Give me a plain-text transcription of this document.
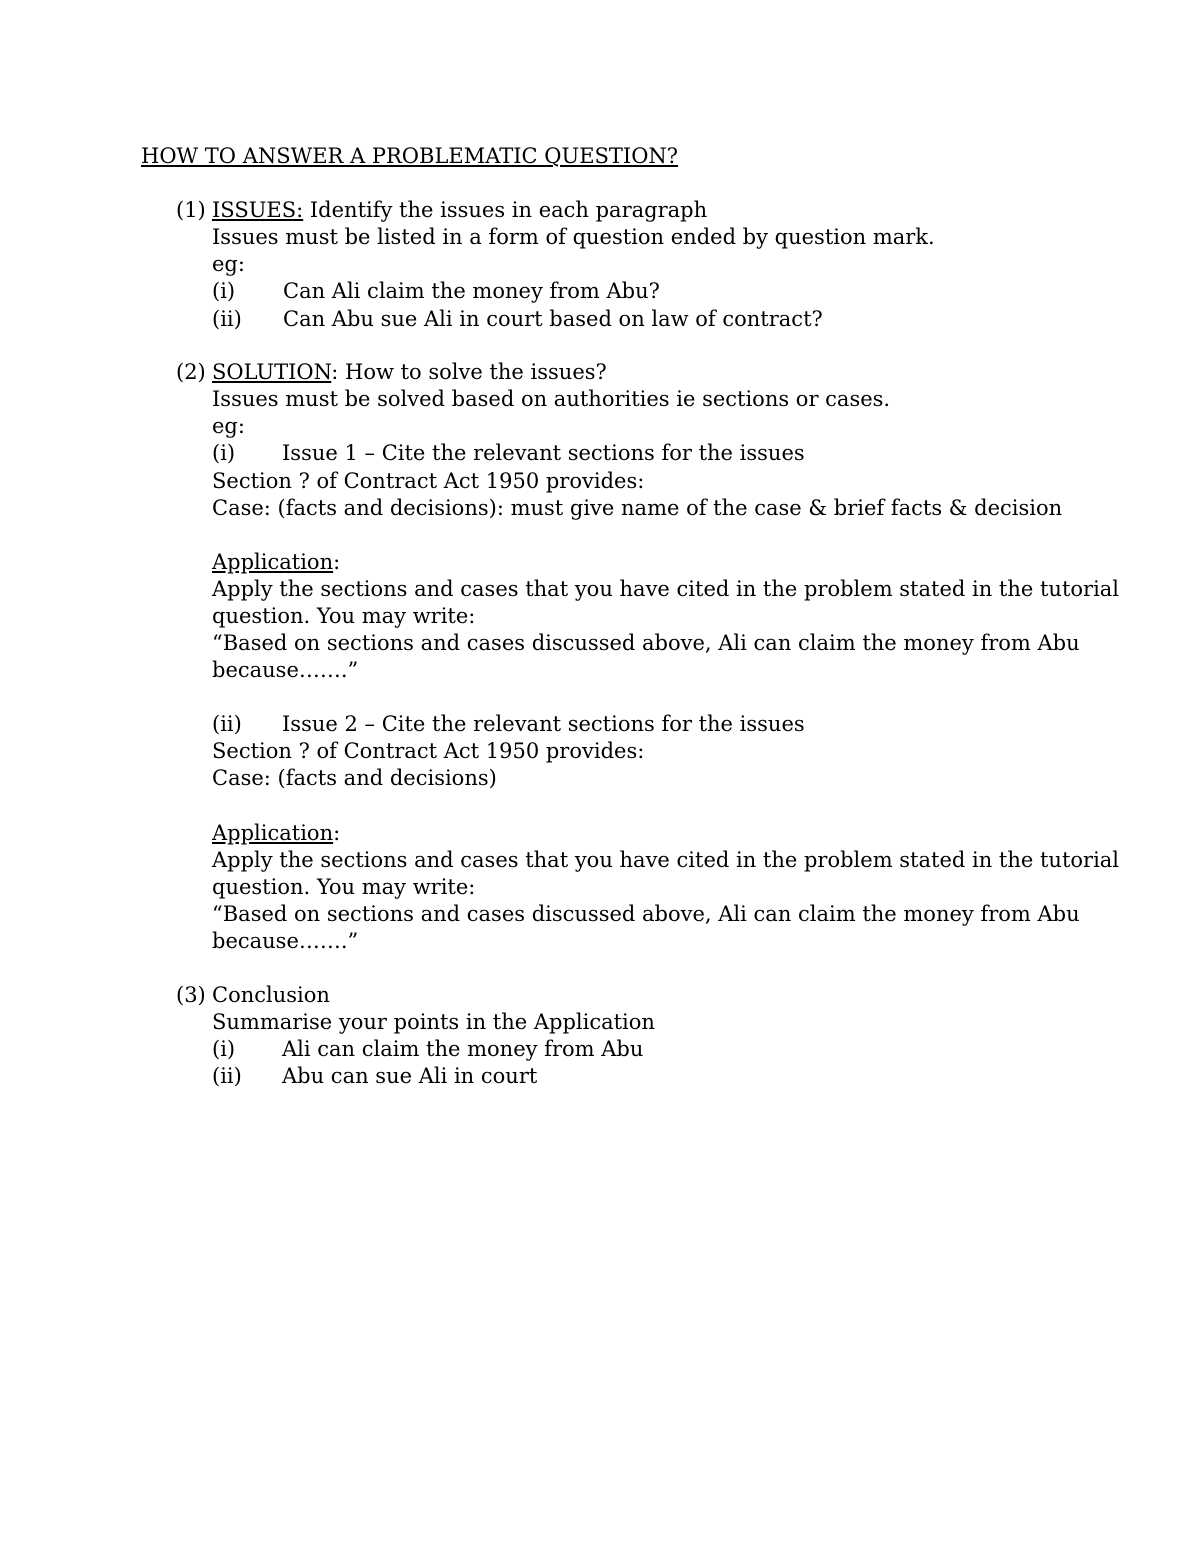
HOW TO ANSWER A PROBLEMATIC QUESTION?
(1) ISSUES: Identify the issues in each paragraph
Issues must be listed in a form of question ended by question mark.
eg:
(i) Can Ali claim the money from Abu?
(ii) Can Abu sue Ali in court based on law of contract?
(2) SOLUTION: How to solve the issues?
Issues must be solved based on authorities ie sections or cases.
eg:
(i) Issue 1 – Cite the relevant sections for the issues
Section ? of Contract Act 1950 provides:
Case: (facts and decisions): must give name of the case & brief facts & decision
Application:
Apply the sections and cases that you have cited in the problem stated in the tutorial
question. You may write:
“Based on sections and cases discussed above, Ali can claim the money from Abu
because…….”
(ii) Issue 2 – Cite the relevant sections for the issues
Section ? of Contract Act 1950 provides:
Case: (facts and decisions)
Application:
Apply the sections and cases that you have cited in the problem stated in the tutorial
question. You may write:
“Based on sections and cases discussed above, Ali can claim the money from Abu
because…….”
(3) Conclusion
Summarise your points in the Application
(i) Ali can claim the money from Abu
(ii) Abu can sue Ali in court
